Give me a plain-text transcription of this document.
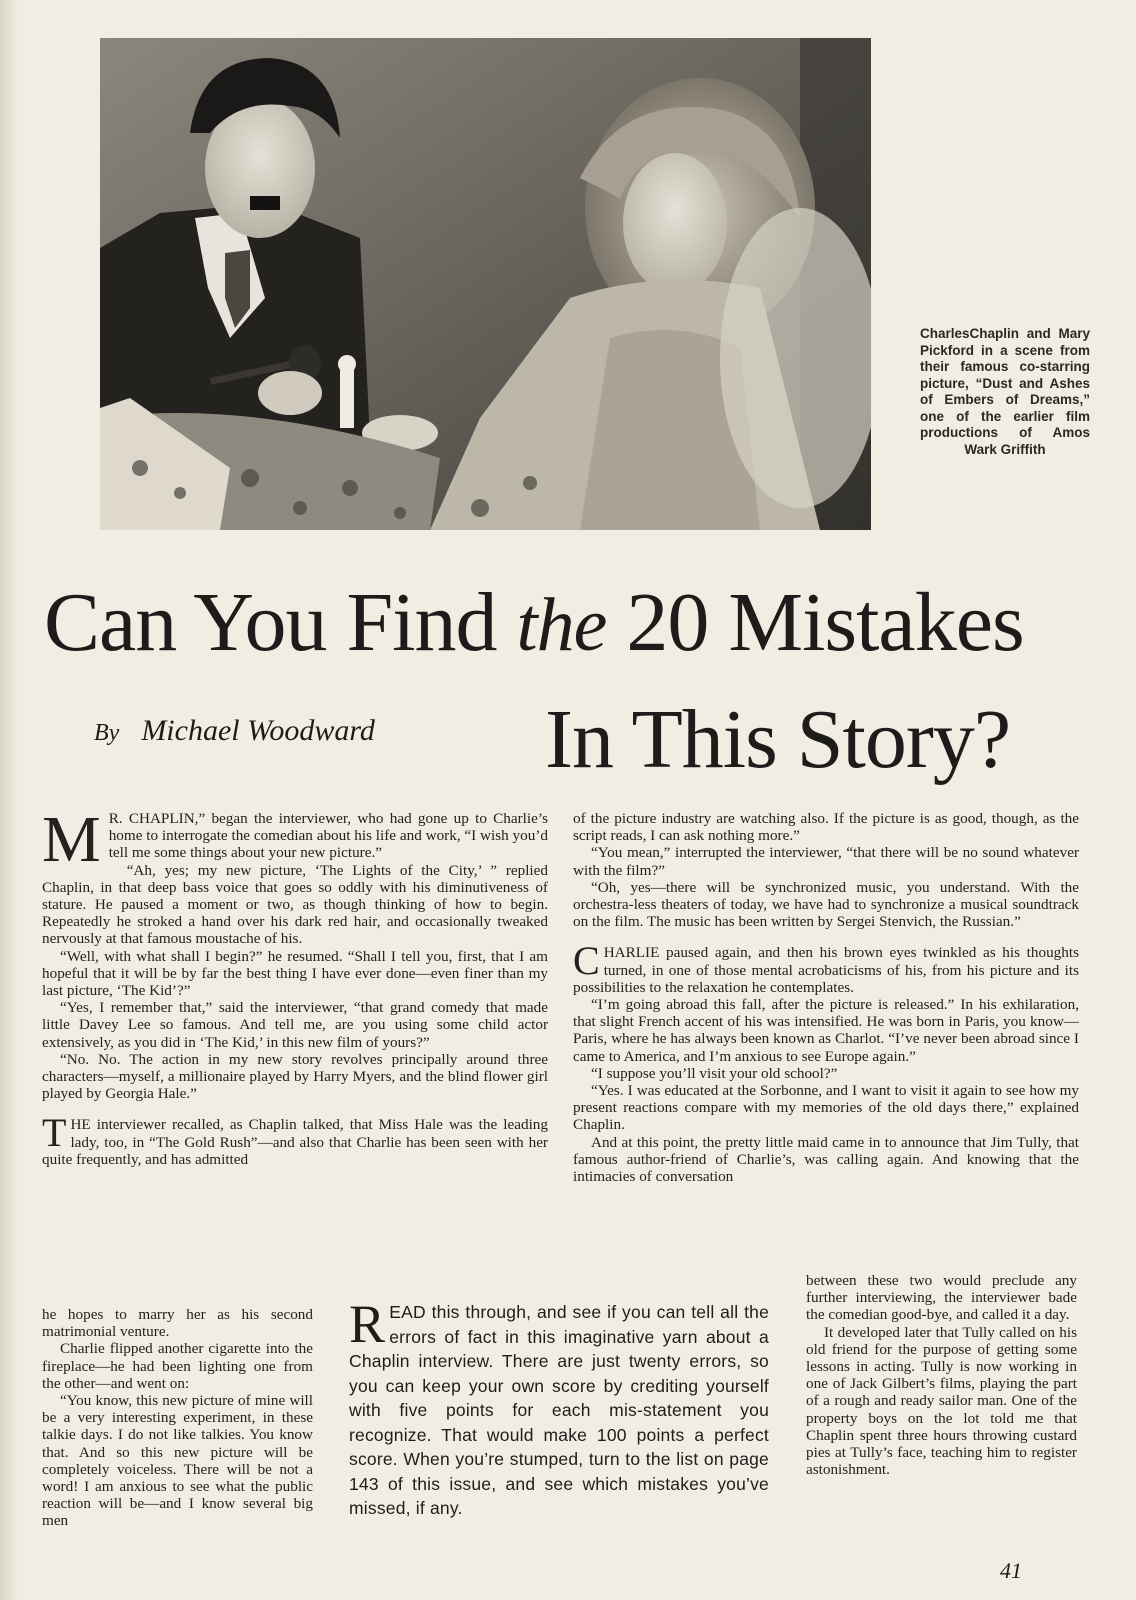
CharlesChaplin and Mary Pickford in a scene from their famous co-starring picture, “Dust and Ashes of Embers of Dreams,” one of the earlier film productions of Amos Wark Griffith
Can You Find the 20 Mistakes
By Michael Woodward In This Story?

M R. CHAPLIN,” began the interviewer, who had gone up to Charlie’s home to interrogate the comedian about his life and work, “I wish you’d tell me some things about your new picture.”

“Ah, yes; my new picture, ‘The Lights of the City,’ ” replied Chaplin, in that deep bass voice that goes so oddly with his diminutiveness of stature. He paused a moment or two, as though thinking of how to begin. Repeatedly he stroked a hand over his dark red hair, and occasionally tweaked nervously at that famous moustache of his.

“Well, with what shall I begin?” he resumed. “Shall I tell you, first, that I am hopeful that it will be by far the best thing I have ever done—even finer than my last picture, ‘The Kid’?”

“Yes, I remember that,” said the interviewer, “that grand comedy that made little Davey Lee so famous. And tell me, are you using some child actor extensively, as you did in ‘The Kid,’ in this new film of yours?”

“No. No. The action in my new story revolves principally around three characters—myself, a millionaire played by Harry Myers, and the blind flower girl played by Georgia Hale.”

THE interviewer recalled, as Chaplin talked, that Miss Hale was the leading lady, too, in “The Gold Rush”—and also that Charlie has been seen with her quite frequently, and has admitted

he hopes to marry her as his second matrimonial venture.

Charlie flipped another cigarette into the fireplace—he had been lighting one from the other—and went on:

“You know, this new picture of mine will be a very interesting experiment, in these talkie days. I do not like talkies. You know that. And so this new picture will be completely voiceless. There will be not a word! I am anxious to see what the public reaction will be—and I know several big men

READ this through, and see if you can tell all the errors of fact in this imaginative yarn about a Chaplin interview. There are just twenty errors, so you can keep your own score by crediting yourself with five points for each mis-statement you recognize. That would make 100 points a perfect score. When you’re stumped, turn to the list on page 143 of this issue, and see which mistakes you’ve missed, if any.

of the picture industry are watching also. If the picture is as good, though, as the script reads, I can ask nothing more.”

“You mean,” interrupted the interviewer, “that there will be no sound whatever with the film?”

“Oh, yes—there will be synchronized music, you understand. With the orchestra-less theaters of today, we have had to synchronize a musical soundtrack on the film. The music has been written by Sergei Stenvich, the Russian.”

CHARLIE paused again, and then his brown eyes twinkled as his thoughts turned, in one of those mental acrobaticisms of his, from his picture and its possibilities to the relaxation he contemplates.

“I’m going abroad this fall, after the picture is released.” In his exhilaration, that slight French accent of his was intensified. He was born in Paris, you know—Paris, where he has always been known as Charlot. “I’ve never been abroad since I came to America, and I’m anxious to see Europe again.”

“I suppose you’ll visit your old school?”

“Yes. I was educated at the Sorbonne, and I want to visit it again to see how my present reactions compare with my memories of the old days there,” explained Chaplin.

And at this point, the pretty little maid came in to announce that Jim Tully, that famous author-friend of Charlie’s, was calling again. And knowing that the intimacies of conversation

between these two would preclude any further interviewing, the interviewer bade the comedian good-bye, and called it a day.

It developed later that Tully called on his old friend for the purpose of getting some lessons in acting. Tully is now working in one of Jack Gilbert’s films, playing the part of a rough and ready sailor man. One of the property boys on the lot told me that Chaplin spent three hours throwing custard pies at Tully’s face, teaching him to register astonishment.

41
